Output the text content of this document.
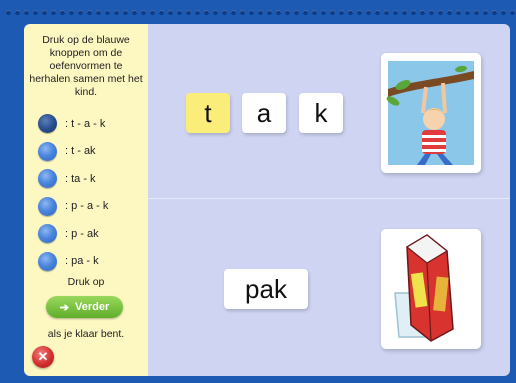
Druk op de blauwe knoppen om de oefenvormen te herhalen samen met het kind.
: t - a - k
: t - ak
: ta - k
: p - a - k
: p - ak
: pa - k
Druk op
➔ Verder
als je klaar bent.
✕
t a k
pak
